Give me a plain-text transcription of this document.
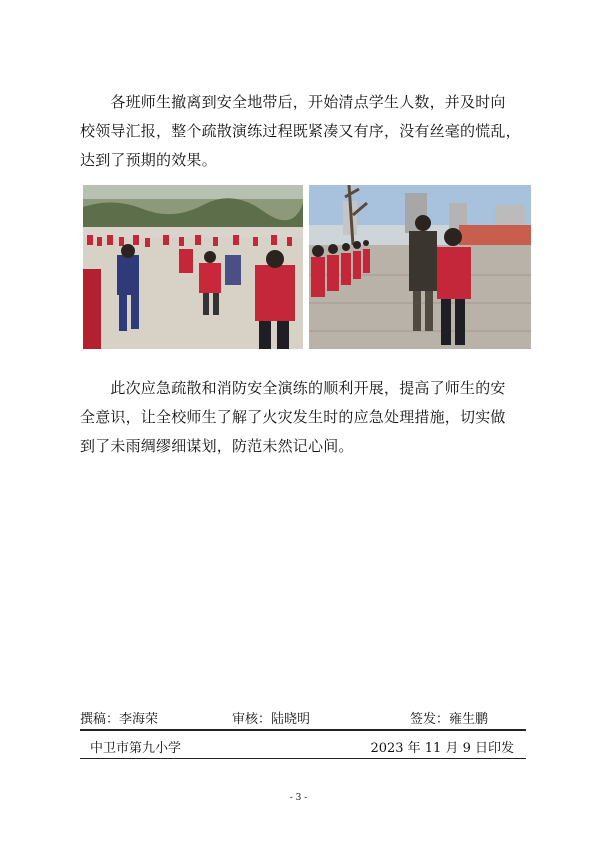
　　各班师生撤离到安全地带后，开始清点学生人数，并及时向
校领导汇报，整个疏散演练过程既紧凑又有序，没有丝毫的慌乱，
达到了预期的效果。

　　此次应急疏散和消防安全演练的顺利开展，提高了师生的安
全意识，让全校师生了解了火灾发生时的应急处理措施，切实做
到了未雨绸缪细谋划，防范未然记心间。

撰稿：李海荣	审核：陆晓明	签发：雍生鹏
中卫市第九小学	2023 年 11 月 9 日印发
- 3 -
